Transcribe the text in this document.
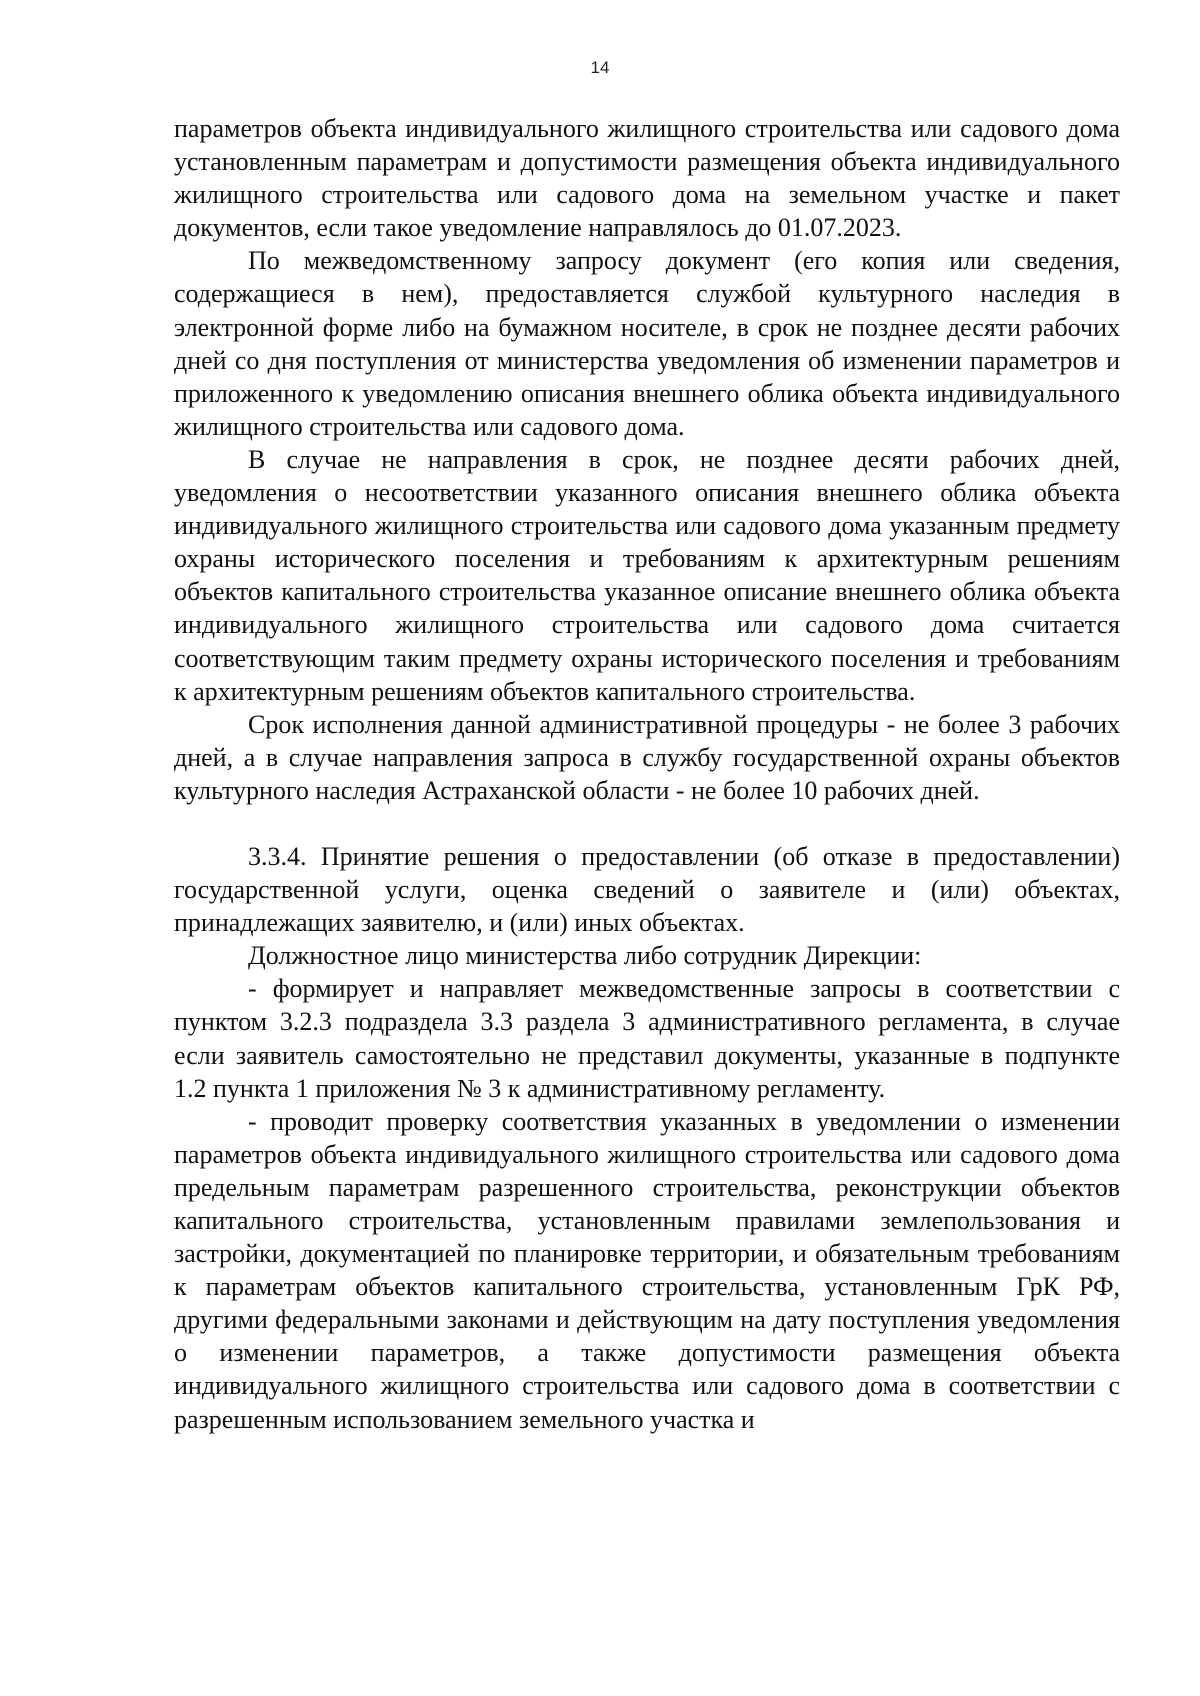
14

параметров объекта индивидуального жилищного строительства или садового дома установленным параметрам и допустимости размещения объекта индивидуального жилищного строительства или садового дома на земельном участке и пакет документов, если такое уведомление направлялось до 01.07.2023.

По межведомственному запросу документ (его копия или сведения, содержащиеся в нем), предоставляется службой культурного наследия в электронной форме либо на бумажном носителе, в срок не позднее десяти рабочих дней со дня поступления от министерства уведомления об изменении параметров и приложенного к уведомлению описания внешнего облика объекта индивидуального жилищного строительства или садового дома.

В случае не направления в срок, не позднее десяти рабочих дней, уведомления о несоответствии указанного описания внешнего облика объекта индивидуального жилищного строительства или садового дома указанным предмету охраны исторического поселения и требованиям к архитектурным решениям объектов капитального строительства указанное описание внешнего облика объекта индивидуального жилищного строительства или садового дома считается соответствующим таким предмету охраны исторического поселения и требованиям к архитектурным решениям объектов капитального строительства.

Срок исполнения данной административной процедуры - не более 3 рабочих дней, а в случае направления запроса в службу государственной охраны объектов культурного наследия Астраханской области - не более 10 рабочих дней.

3.3.4. Принятие решения о предоставлении (об отказе в предоставлении) государственной услуги, оценка сведений о заявителе и (или) объектах, принадлежащих заявителю, и (или) иных объектах.

Должностное лицо министерства либо сотрудник Дирекции:

- формирует и направляет межведомственные запросы в соответствии с пунктом 3.2.3 подраздела 3.3 раздела 3 административного регламента, в случае если заявитель самостоятельно не представил документы, указанные в подпункте 1.2 пункта 1 приложения № 3 к административному регламенту.

- проводит проверку соответствия указанных в уведомлении о изменении параметров объекта индивидуального жилищного строительства или садового дома предельным параметрам разрешенного строительства, реконструкции объектов капитального строительства, установленным правилами землепользования и застройки, документацией по планировке территории, и обязательным требованиям к параметрам объектов капитального строительства, установленным ГрК РФ, другими федеральными законами и действующим на дату поступления уведомления о изменении параметров, а также допустимости размещения объекта индивидуального жилищного строительства или садового дома в соответствии с разрешенным использованием земельного участка и
